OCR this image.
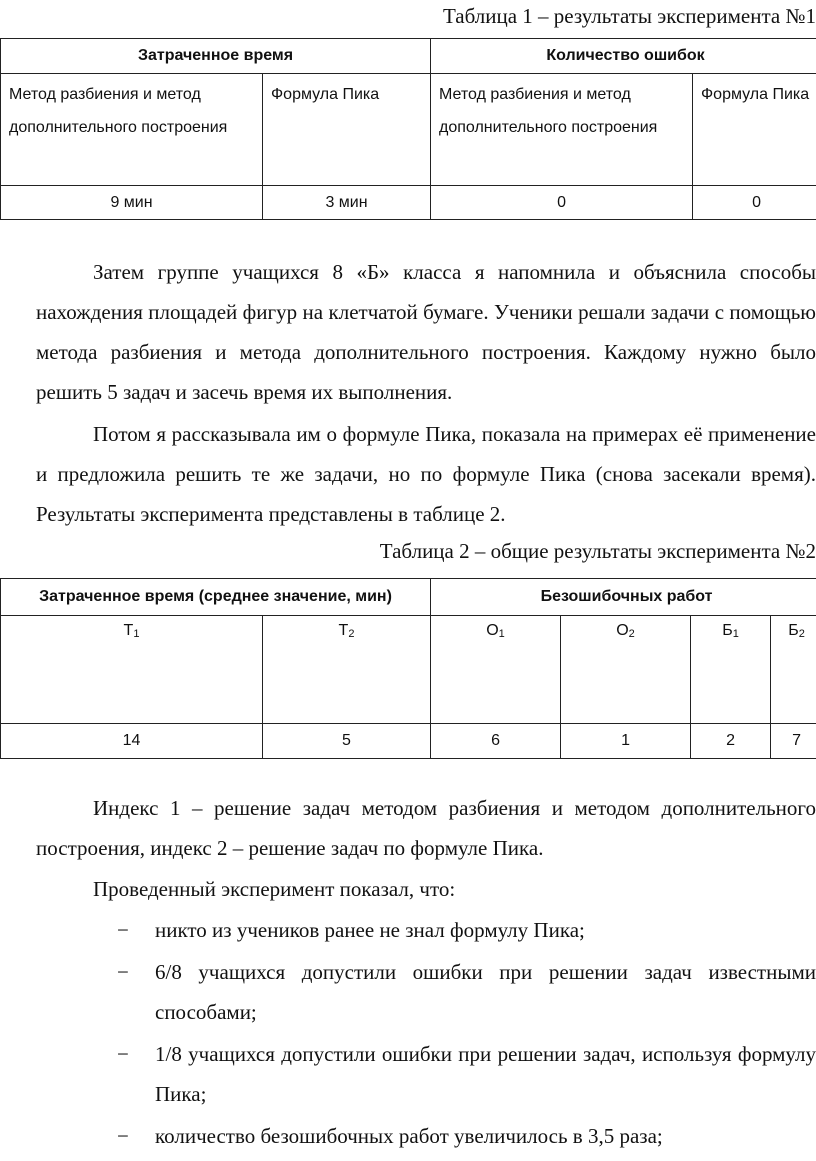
Таблица 1 – результаты эксперимента №1
Затраченное время		Количество ошибок	
Метод разбиения и метод дополнительного построения	Формула Пика	Метод разбиения и метод дополнительного построения	Формула Пика
9 мин	3 мин	0	0

Затем группе учащихся 8 «Б» класса я напомнила и объяснила способы нахождения площадей фигур на клетчатой бумаге. Ученики решали задачи с помощью метода разбиения и метода дополнительного построения. Каждому нужно было решить 5 задач и засечь время их выполнения.

Потом я рассказывала им о формуле Пика, показала на примерах её применение и предложила решить те же задачи, но по формуле Пика (снова засекали время). Результаты эксперимента представлены в таблице 2.

Таблица 2 – общие результаты эксперимента №2
Затраченное время (среднее значение, мин)		Безошибочных работ			
$Т_1$	$Т_2$	$О_1$	$О_2$	$Б_1$	$Б_2$
14	5	6	1	2	7

Индекс 1 – решение задач методом разбиения и методом дополнительного построения, индекс 2 – решение задач по формуле Пика.

Проведенный эксперимент показал, что:

− никто из учеников ранее не знал формулу Пика;
− 6/8 учащихся допустили ошибки при решении задач известными способами;
− 1/8 учащихся допустили ошибки при решении задач, используя формулу Пика;
− количество безошибочных работ увеличилось в 3,5 раза;
